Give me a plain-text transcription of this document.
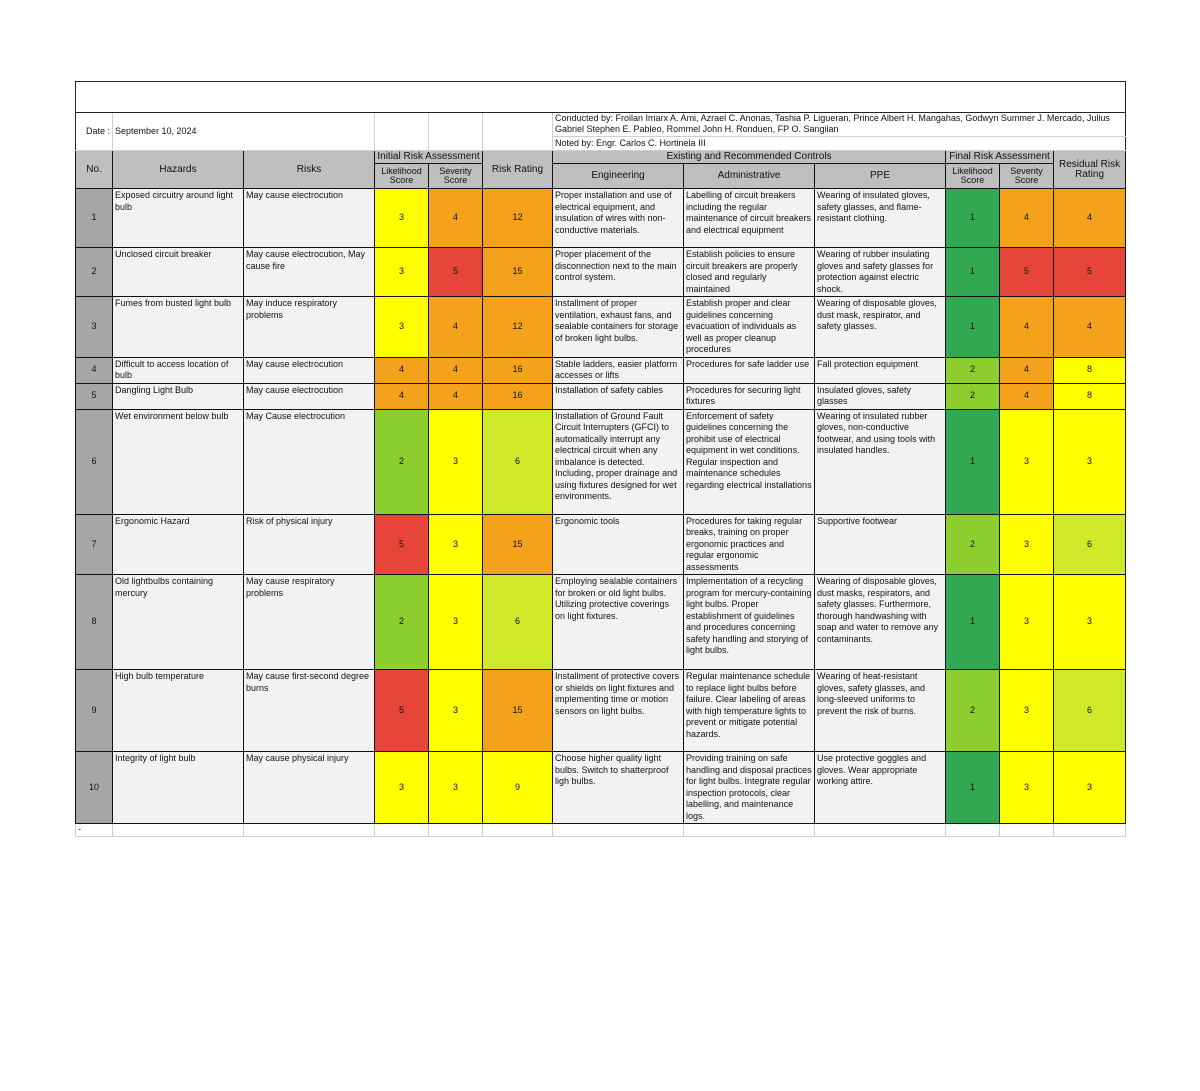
Date :	September 10, 2024					Conducted by: Froilan Imarx A. Ami, Azrael C. Anonas, Tashia P. Ligueran, Prince Albert H. Mangahas, Godwyn Summer J. Mercado, Julius Gabriel Stephen E. Pableo, Rommel John H. Ronduen, FP O. Sangilan					
						Noted by: Engr. Carlos C. Hortinela III					
No.	Hazards	Risks	Initial Risk Assessment		Risk Rating	Existing and Recommended Controls			Final Risk Assessment		Residual Risk Rating
			Likelihood Score	Severity Score		Engineering	Administrative	PPE	Likelihood Score	Severity Score	
1	Exposed circuitry around light bulb	May cause electrocution	3	4	12	Proper installation and use of electrical equipment, and insulation of wires with non-conductive materials.	Labelling of circuit breakers including the regular maintenance of circuit breakers and electrical equipment	Wearing of insulated gloves, safety glasses, and flame-resistant clothing.	1	4	4
2	Unclosed circuit breaker	May cause electrocution, May cause fire	3	5	15	Proper placement of the disconnection next to the main control system.	Establish policies to ensure circuit breakers are properly closed and regularly maintained	Wearing of rubber insulating gloves and safety glasses for protection against electric shock.	1	5	5
3	Fumes from busted light bulb	May induce respiratory problems	3	4	12	Installment of proper ventilation, exhaust fans, and sealable containers for storage of broken light bulbs.	Establish proper and clear guidelines concerning evacuation of individuals as well as proper cleanup procedures	Wearing of disposable gloves, dust mask, respirator, and safety glasses.	1	4	4
4	Difficult to access location of bulb	May cause electrocution	4	4	16	Stable ladders, easier platform accesses or lifts	Procedures for safe ladder use	Fall protection equipment	2	4	8
5	Dangling Light Bulb	May cause electrocution	4	4	16	Installation of safety cables	Procedures for securing light fixtures	Insulated gloves, safety glasses	2	4	8
6	Wet environment below bulb	May Cause electrocution	2	3	6	Installation of Ground Fault Circuit Interrupters (GFCI) to automatically interrupt any electrical circuit when any imbalance is detected. Including, proper drainage and using fixtures designed for wet environments.	Enforcement of safety guidelines concerning the prohibit use of electrical equipment in wet conditions. Regular inspection and maintenance schedules regarding electrical installations	Wearing of insulated rubber gloves, non-conductive footwear, and using tools with insulated handles.	1	3	3
7	Ergonomic Hazard	Risk of physical injury	5	3	15	Ergonomic tools	Procedures for taking regular breaks, training on proper ergonomic practices and regular ergonomic assessments	Supportive footwear	2	3	6
8	Old lightbulbs containing mercury	May cause respiratory problems	2	3	6	Employing sealable containers for broken or old light bulbs. Utilizing protective coverings on light fixtures.	Implementation of a recycling program for mercury-containing light bulbs. Proper establishment of guidelines and procedures concerning safety handling and storying of light bulbs.	Wearing of disposable gloves, dust masks, respirators, and safety glasses. Furthermore, thorough handwashing with soap and water to remove any contaminants.	1	3	3
9	High bulb temperature	May cause first-second degree burns	5	3	15	Installment of protective covers or shields on light fixtures and implementing time or motion sensors on light bulbs.	Regular maintenance schedule to replace light bulbs before failure. Clear labeling of areas with high temperature lights to prevent or mitigate potential hazards.	Wearing of heat-resistant gloves, safety glasses, and long-sleeved uniforms to prevent the risk of burns.	2	3	6
10	Integrity of light bulb	May cause physical injury	3	3	9	Choose higher quality light bulbs. Switch to shatterproof ligh bulbs.	Providing training on safe handling and disposal practices for light bulbs. Integrate regular inspection protocols, clear labelling, and maintenance logs.	Use protective goggles and gloves. Wear appropriate working attire.	1	3	3
-											
